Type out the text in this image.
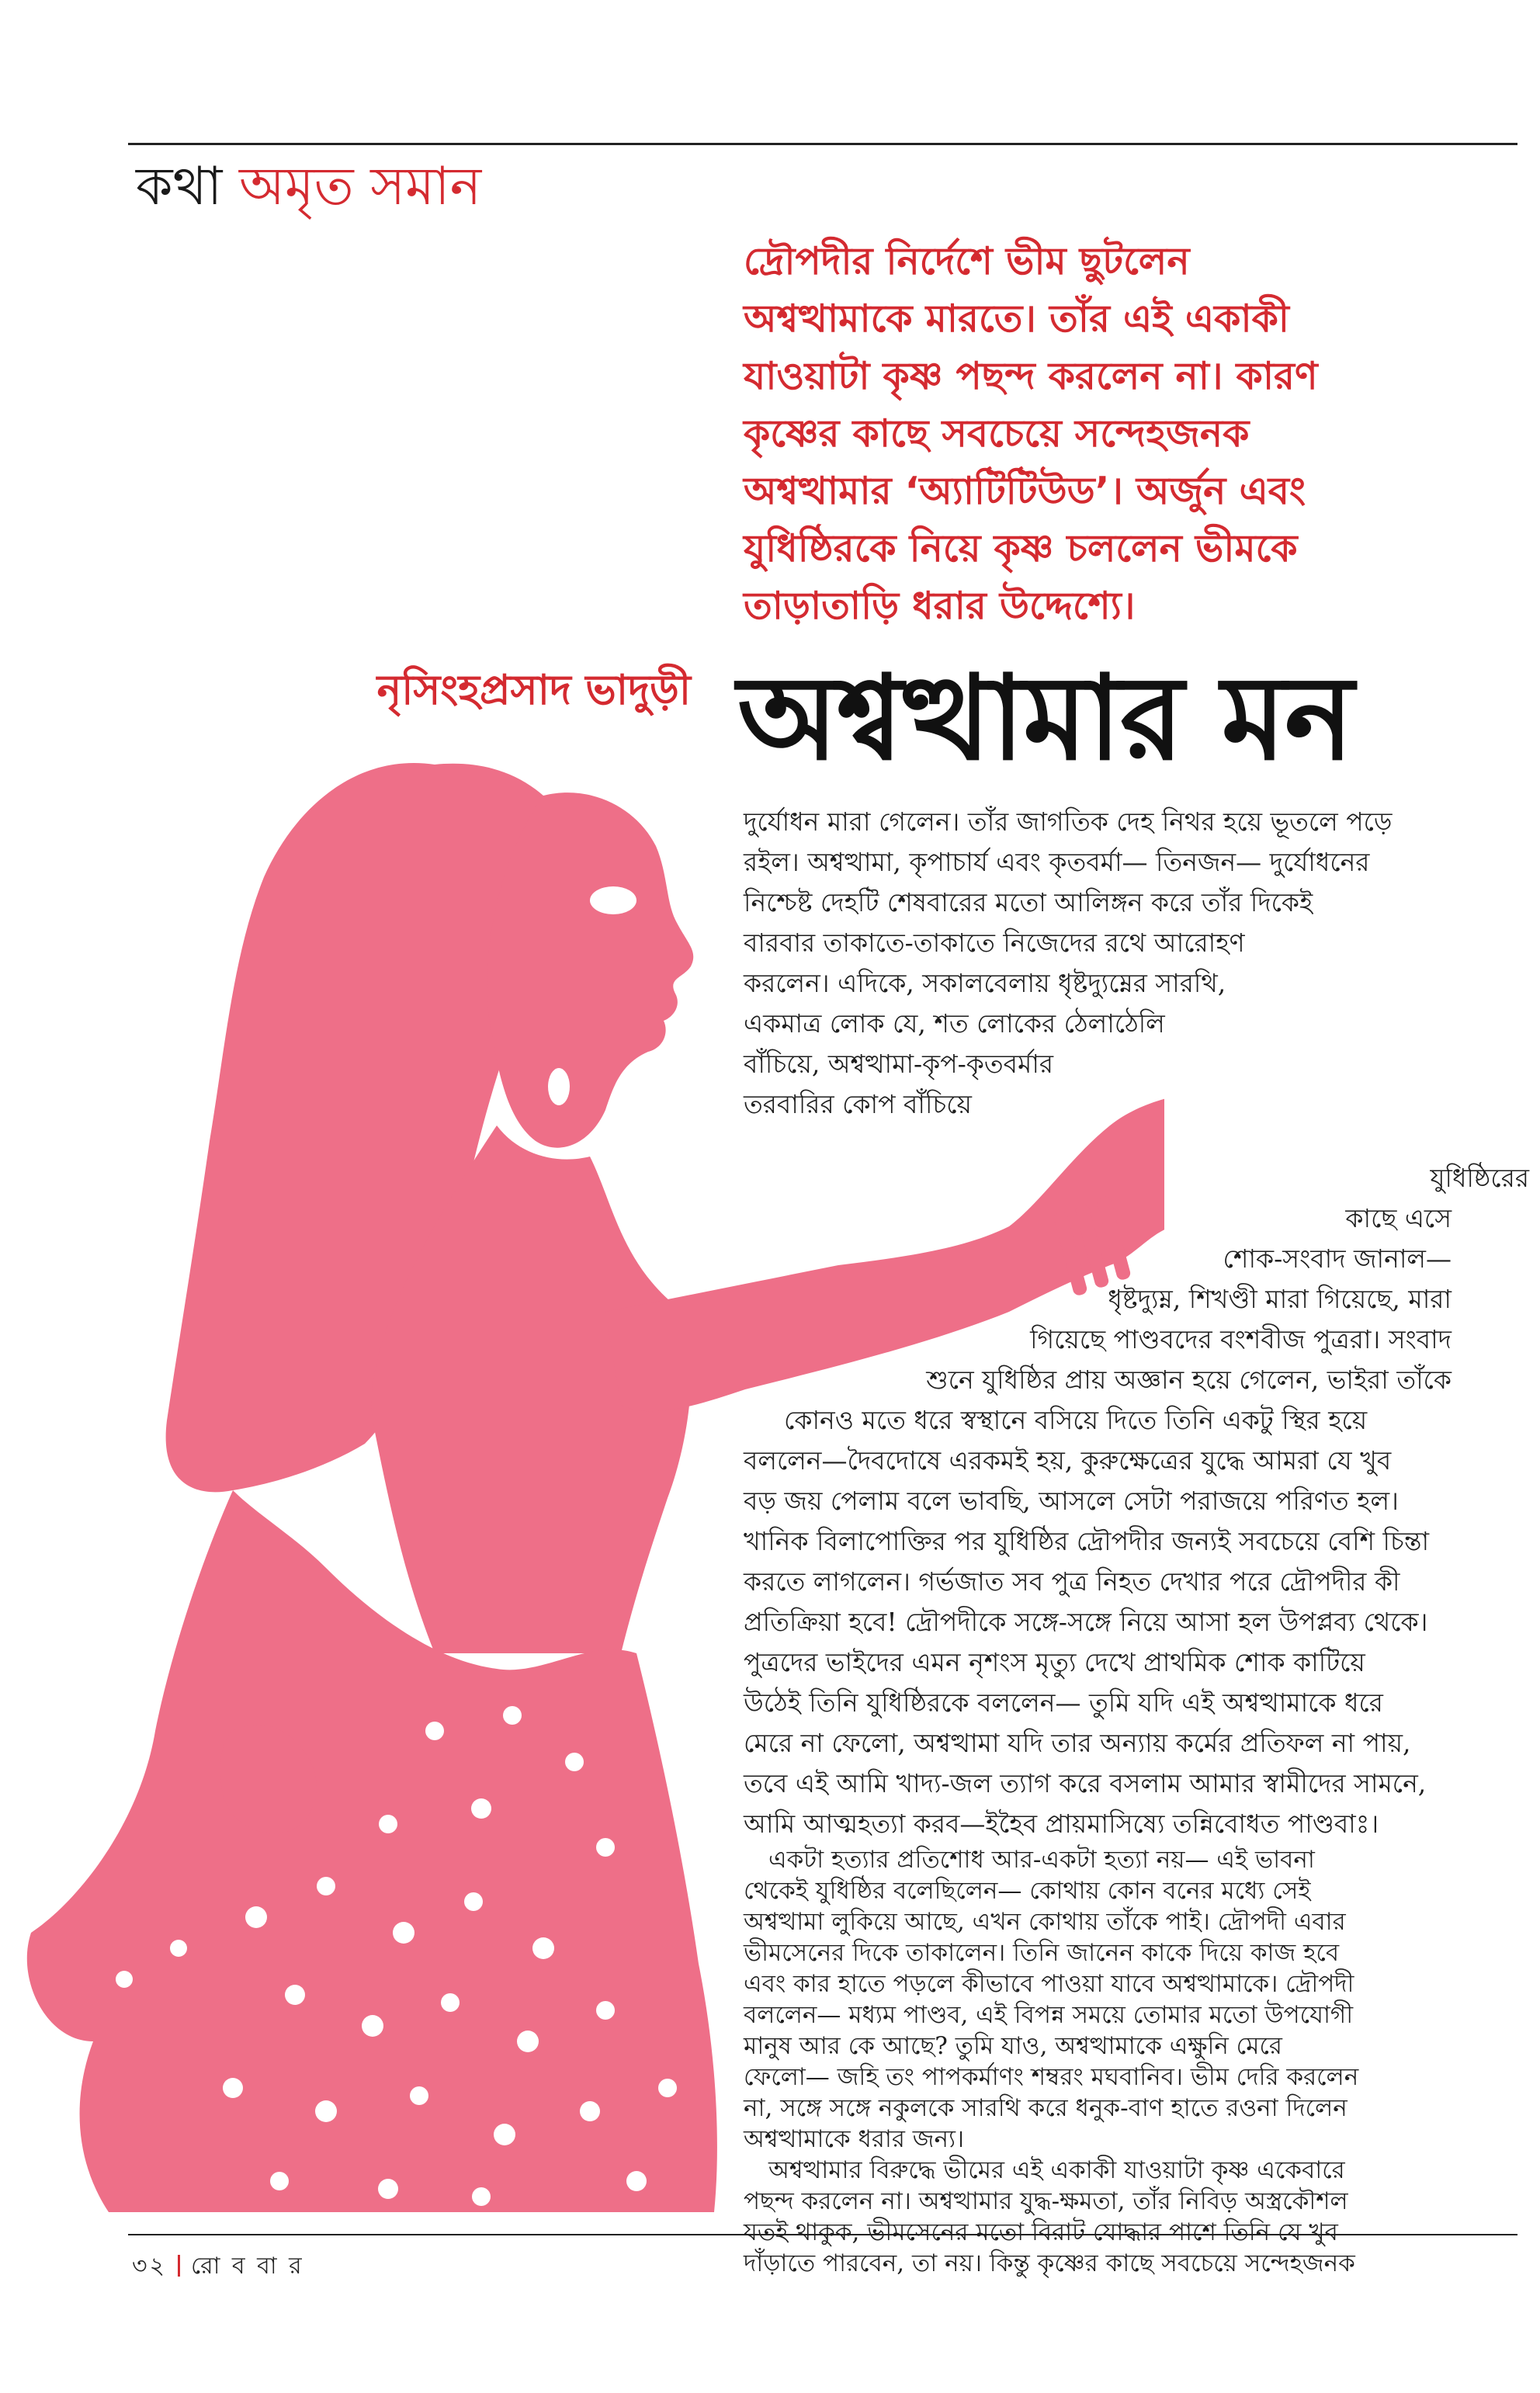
কথা অমৃত সমান
দ্রৌপদীর নির্দেশে ভীম ছুটলেন
অশ্বত্থামাকে মারতে। তাঁর এই একাকী
যাওয়াটা কৃষ্ণ পছন্দ করলেন না। কারণ
কৃষ্ণের কাছে সবচেয়ে সন্দেহজনক
অশ্বত্থামার ‘অ্যাটিটিউড’। অর্জুন এবং
যুধিষ্ঠিরকে নিয়ে কৃষ্ণ চললেন ভীমকে
তাড়াতাড়ি ধরার উদ্দেশ্যে।
নৃসিংহপ্রসাদ ভাদুড়ী অশ্বত্থামার মন
দুর্যোধন মারা গেলেন। তাঁর জাগতিক দেহ নিথর হয়ে ভূতলে পড়ে
রইল। অশ্বত্থামা, কৃপাচার্য এবং কৃতবর্মা— তিনজন— দুর্যোধনের
নিশ্চেষ্ট দেহটি শেষবারের মতো আলিঙ্গন করে তাঁর দিকেই
বারবার তাকাতে-তাকাতে নিজেদের রথে আরোহণ
করলেন। এদিকে, সকালবেলায় ধৃষ্টদ্যুম্নের সারথি,
একমাত্র লোক যে, শত লোকের ঠেলাঠেলি
বাঁচিয়ে, অশ্বত্থামা-কৃপ-কৃতবর্মার
তরবারির কোপ বাঁচিয়ে
যুধিষ্ঠিরের
কাছে এসে
শোক-সংবাদ জানাল—
ধৃষ্টদ্যুম্ন, শিখণ্ডী মারা গিয়েছে, মারা
গিয়েছে পাণ্ডবদের বংশবীজ পুত্ররা। সংবাদ
শুনে যুধিষ্ঠির প্রায় অজ্ঞান হয়ে গেলেন, ভাইরা তাঁকে
কোনও মতে ধরে স্বস্থানে বসিয়ে দিতে তিনি একটু স্থির হয়ে
বললেন—দৈবদোষে এরকমই হয়, কুরুক্ষেত্রের যুদ্ধে আমরা যে খুব
বড় জয় পেলাম বলে ভাবছি, আসলে সেটা পরাজয়ে পরিণত হল।
খানিক বিলাপোক্তির পর যুধিষ্ঠির দ্রৌপদীর জন্যই সবচেয়ে বেশি চিন্তা
করতে লাগলেন। গর্ভজাত সব পুত্র নিহত দেখার পরে দ্রৌপদীর কী
প্রতিক্রিয়া হবে! দ্রৌপদীকে সঙ্গে-সঙ্গে নিয়ে আসা হল উপপ্লব্য থেকে।
পুত্রদের ভাইদের এমন নৃশংস মৃত্যু দেখে প্রাথমিক শোক কাটিয়ে
উঠেই তিনি যুধিষ্ঠিরকে বললেন— তুমি যদি এই অশ্বত্থামাকে ধরে
মেরে না ফেলো, অশ্বত্থামা যদি তার অন্যায় কর্মের প্রতিফল না পায়,
তবে এই আমি খাদ্য-জল ত্যাগ করে বসলাম আমার স্বামীদের সামনে,
আমি আত্মহত্যা করব—ইহৈব প্রায়মাসিষ্যে তন্নিবোধত পাণ্ডবাঃ।
৩২ রো ব বা র
একটা হত্যার প্রতিশোধ আর-একটা হত্যা নয়— এই ভাবনা
থেকেই যুধিষ্ঠির বলেছিলেন— কোথায় কোন বনের মধ্যে সেই
অশ্বত্থামা লুকিয়ে আছে, এখন কোথায় তাঁকে পাই। দ্রৌপদী এবার
ভীমসেনের দিকে তাকালেন। তিনি জানেন কাকে দিয়ে কাজ হবে
এবং কার হাতে পড়লে কীভাবে পাওয়া যাবে অশ্বত্থামাকে। দ্রৌপদী
বললেন— মধ্যম পাণ্ডব, এই বিপন্ন সময়ে তোমার মতো উপযোগী
মানুষ আর কে আছে? তুমি যাও, অশ্বত্থামাকে এক্ষুনি মেরে
ফেলো— জহি তং পাপকর্মাণং শম্বরং মঘবানিব। ভীম দেরি করলেন
না, সঙ্গে সঙ্গে নকুলকে সারথি করে ধনুক-বাণ হাতে রওনা দিলেন
অশ্বত্থামাকে ধরার জন্য।
অশ্বত্থামার বিরুদ্ধে ভীমের এই একাকী যাওয়াটা কৃষ্ণ একেবারে
পছন্দ করলেন না। অশ্বত্থামার যুদ্ধ-ক্ষমতা, তাঁর নিবিড় অস্ত্রকৌশল
যতই থাকুক, ভীমসেনের মতো বিরাট যোদ্ধার পাশে তিনি যে খুব
দাঁড়াতে পারবেন, তা নয়। কিন্তু কৃষ্ণের কাছে সবচেয়ে সন্দেহজনক
